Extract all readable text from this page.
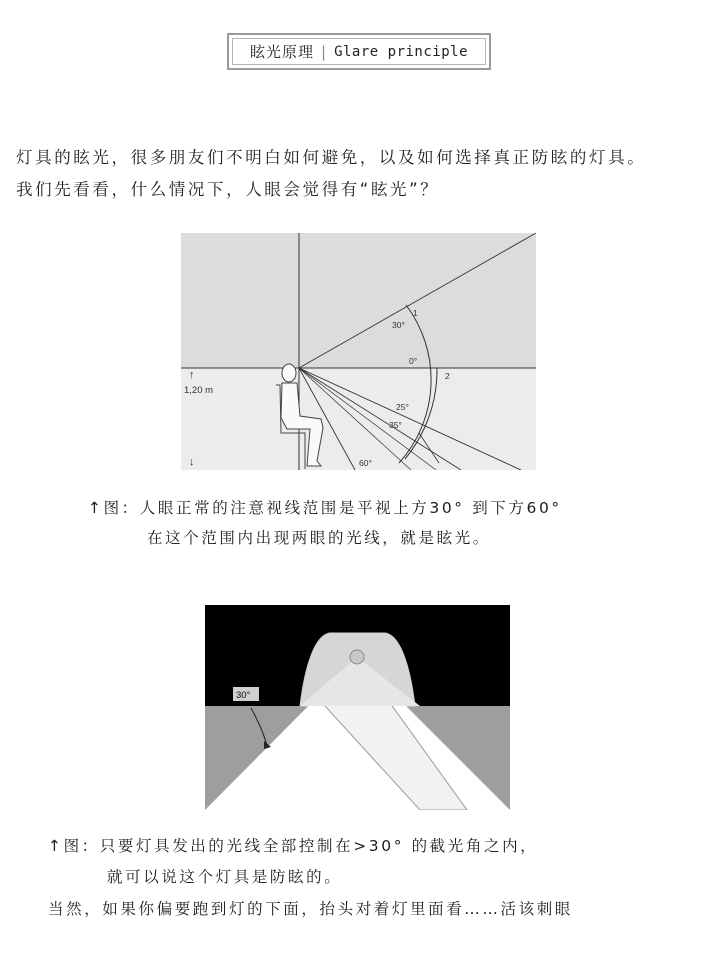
眩光原理 | Glare principle
灯具的眩光，很多朋友们不明白如何避免，以及如何选择真正防眩的灯具。
我们先看看，什么情况下，人眼会觉得有“眩光”？
↑
1,20 m
↓
30°
0°
25°
35°
60°
1
2
↑图：人眼正常的注意视线范围是平视上方30° 到下方60°
在这个范围内出现两眼的光线，就是眩光。
30°
↑图：只要灯具发出的光线全部控制在>30° 的截光角之内，
就可以说这个灯具是防眩的。
当然，如果你偏要跑到灯的下面，抬头对着灯里面看……活该刺眼
